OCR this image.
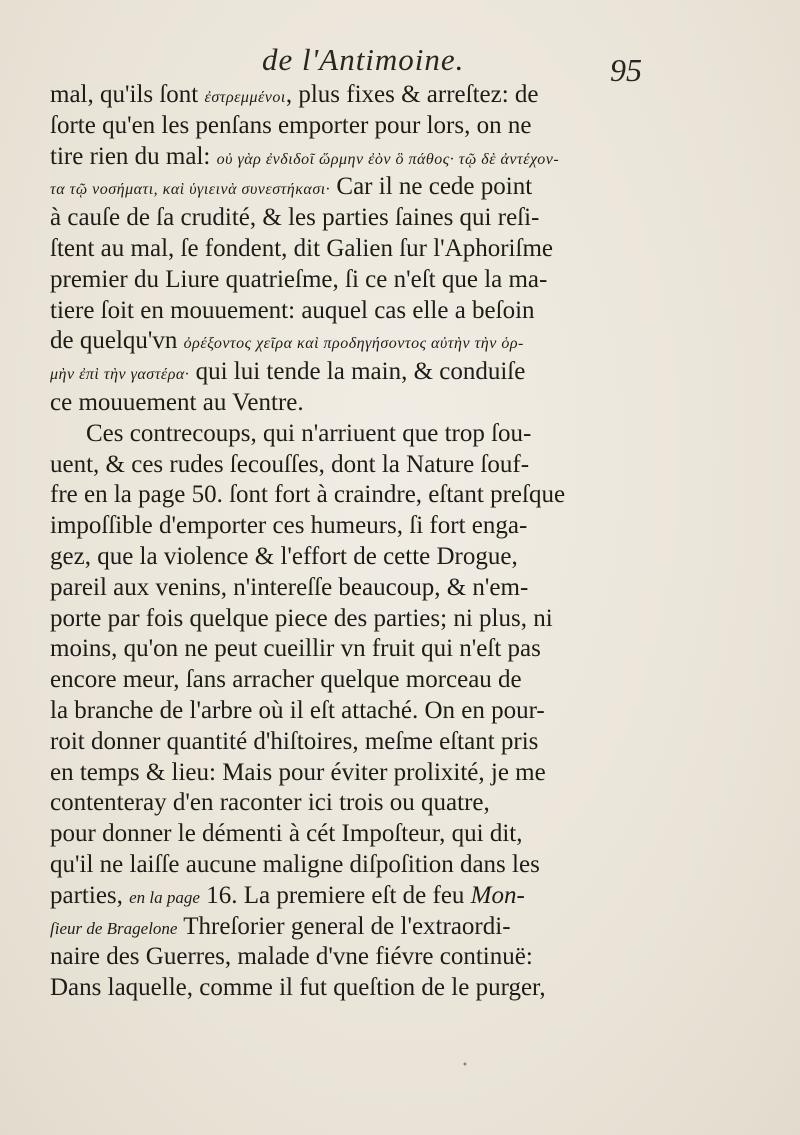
de l'Antimoine.	95
mal, qu'ils ſont ἐστρεμμένοι, plus fixes & arreſtez: de
ſorte qu'en les penſans emporter pour lors, on ne
tire rien du mal: οὐ γὰρ ἐνδιδοῖ ὥρμην ἐὸν ὃ πάθος· τῷ δὲ ἀντέχον-
τα τῷ νοσήματι, καὶ ὑγιεινὰ συνεστήκασι· Car il ne cede point
à cauſe de ſa crudité, & les parties ſaines qui reſi-
ſtent au mal, ſe fondent, dit Galien ſur l'Aphoriſme
premier du Liure quatrieſme, ſi ce n'eſt que la ma-
tiere ſoit en mouuement: auquel cas elle a beſoin
de quelqu'vn ὀρέξοντος χεῖρα καὶ προδηγήσοντος αὐτὴν τὴν ὁρ-
μὴν ἐπὶ τὴν γαστέρα· qui lui tende la main, & conduiſe
ce mouuement au Ventre.
Ces contrecoups, qui n'arriuent que trop ſou-
uent, & ces rudes ſecouſſes, dont la Nature ſouf-
fre en la page 50. ſont fort à craindre, eſtant preſque
impoſſible d'emporter ces humeurs, ſi fort enga-
gez, que la violence & l'effort de cette Drogue,
pareil aux venins, n'intereſſe beaucoup, & n'em-
porte par fois quelque piece des parties; ni plus, ni
moins, qu'on ne peut cueillir vn fruit qui n'eſt pas
encore meur, ſans arracher quelque morceau de
la branche de l'arbre où il eſt attaché. On en pour-
roit donner quantité d'hiſtoires, meſme eſtant pris
en temps & lieu: Mais pour éviter prolixité, je me
contenteray d'en raconter ici trois ou quatre,
pour donner le démenti à cét Impoſteur, qui dit,
qu'il ne laiſſe aucune maligne diſpoſition dans les
parties, en la page 16. La premiere eſt de feu Mon-
ſieur de Bragelone Threſorier general de l'extraordi-
naire des Guerres, malade d'vne fiévre continuë:
Dans laquelle, comme il fut queſtion de le purger,
•
